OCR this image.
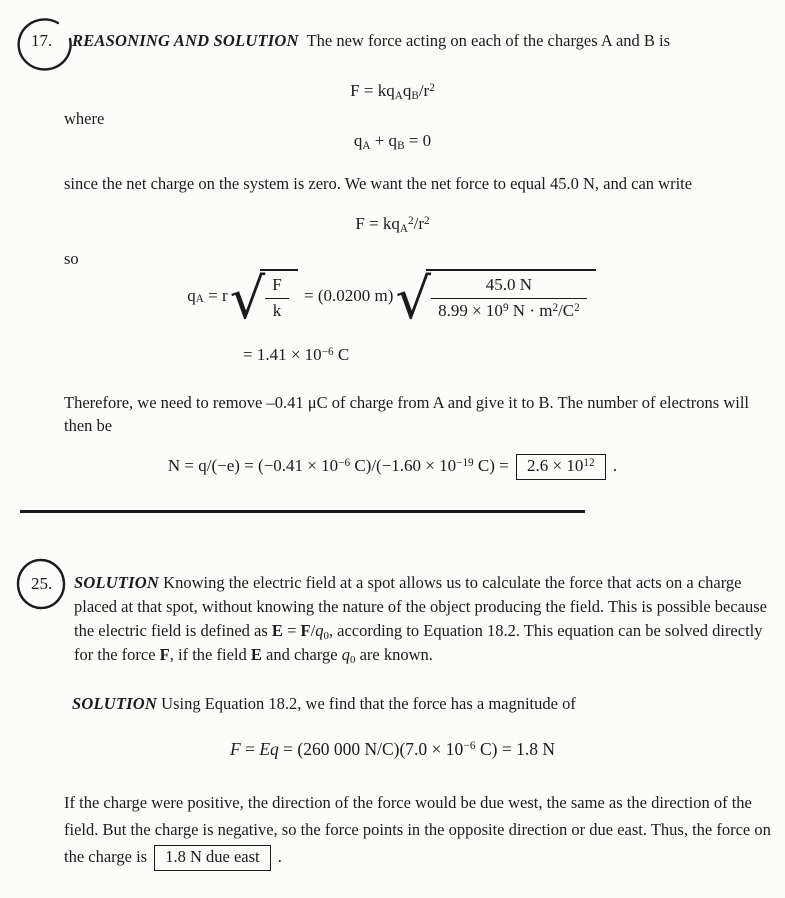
17. REASONING AND SOLUTION The new force acting on each of the charges A and B is
$F = kq_Aq_B/r^2$
where
$q_A + q_B = 0$
since the net charge on the system is zero. We want the net force to equal 45.0 N, and can write
$F = kq_A^2/r^2$
so
$q_A = r$ √ $\frac{F}{k} = (0.0200$ m) √ $\frac{45.0 N}{8.99 \times 10^9 N \cdot m^2/C^2}$
= $1.41 \times 10^{-6}$ C
Therefore, we need to remove –0.41 μC of charge from A and give it to B. The number of electrons will then be
$N = q/(-e) = (-0.41 \times 10^{-6}$ $C)/(-1.60 \times 10^{-19}$ $C) = 2.6 \times 10^{12}$ .
25. SOLUTION Knowing the electric field at a spot allows us to calculate the force that acts on a charge placed at that spot, without knowing the nature of the object producing the field. This is possible because the electric field is defined as $E = F/q_0$, according to Equation 18.2. This equation can be solved directly for the force F, if the field E and charge $q_0$ are known.
SOLUTION Using Equation 18.2, we find that the force has a magnitude of
F = Eq = (260 000 $N/C)(7.0 \times 10^{-6}$ C) = 1.8 N
If the charge were positive, the direction of the force would be due west, the same as the direction of the field. But the charge is negative, so the force points in the opposite direction or due east. Thus, the force on the charge is 1.8 N due east .
